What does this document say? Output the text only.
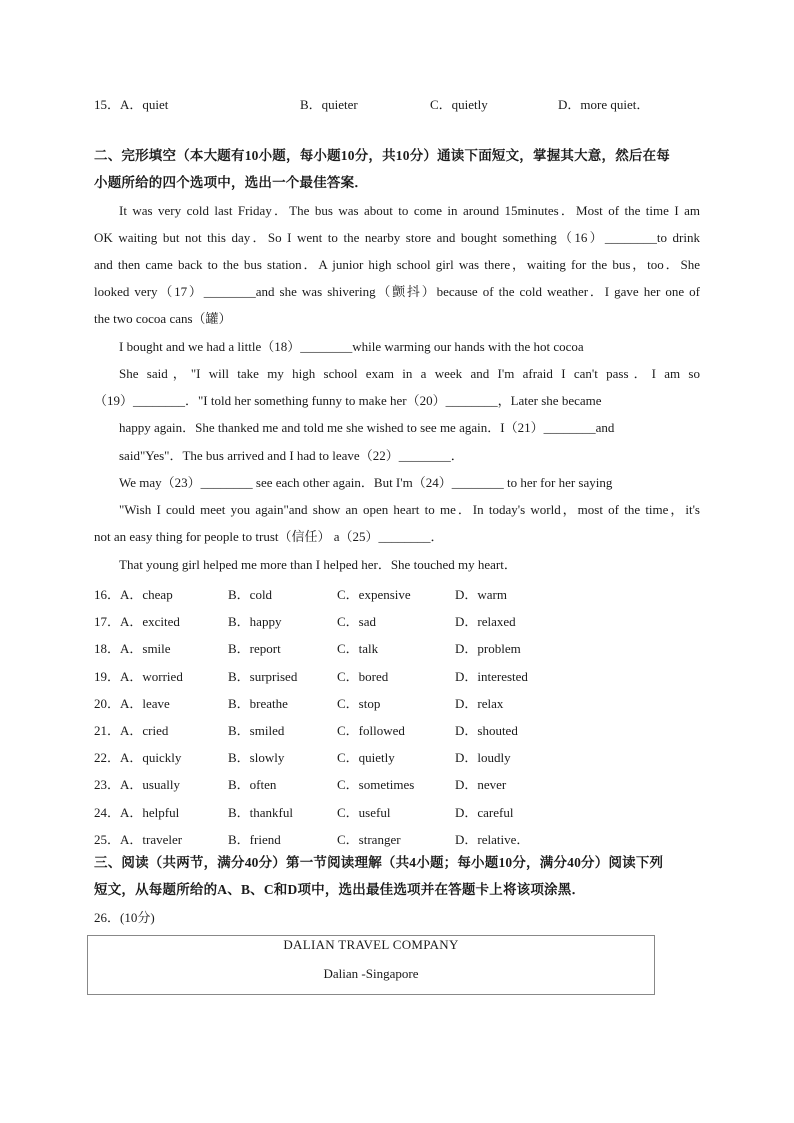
15．A．quiet	B．quieter	C．quietly	D．more quiet．
二、完形填空（本大题有10小题，每小题10分，共10分）通读下面短文，掌握其大意，然后在每
小题所给的四个选项中，选出一个最佳答案．
It was very cold last Friday．The bus was about to come in around 15minutes．Most of the time I am
OK waiting but not this day．So I went to the nearby store and bought something（16）________to drink
and then came back to the bus station．A junior high school girl was there，waiting for the bus，too．She
looked very（17）________and she was shivering（颤抖）because of the cold weather．I gave her one of
the two cocoa cans（罐）
I bought and we had a little（18）________while warming our hands with the hot cocoa
She said，"I will take my high school exam in a week and I'm afraid I can't pass．I am so
（19）________．"I told her something funny to make her（20）________，Later she became
happy again．She thanked me and told me she wished to see me again．I（21）________and
said"Yes"．The bus arrived and I had to leave（22）________．
We may（23）________ see each other again．But I'm（24）________ to her for her saying
"Wish I could meet you again"and show an open heart to me．In today's world，most of the time，it's
not an easy thing for people to trust（信任） a（25）________．
That young girl helped me more than I helped her．She touched my heart．
16．A．cheap	B．cold	C．expensive	D．warm
17．A．excited	B．happy	C．sad	D．relaxed
18．A．smile	B．report	C．talk	D．problem
19．A．worried	B．surprised	C．bored	D．interested
20．A．leave	B．breathe	C．stop	D．relax
21．A．cried	B．smiled	C．followed	D．shouted
22．A．quickly	B．slowly	C．quietly	D．loudly
23．A．usually	B．often	C．sometimes	D．never
24．A．helpful	B．thankful	C．useful	D．careful
25．A．traveler	B．friend	C．stranger	D．relative．
三、阅读（共两节，满分40分）第一节阅读理解（共4小题；每小题10分，满分40分）阅读下列
短文，从每题所给的A、B、C和D项中，选出最佳选项并在答题卡上将该项涂黑．
26．(10分)
DALIAN TRAVEL COMPANY
Dalian -Singapore
